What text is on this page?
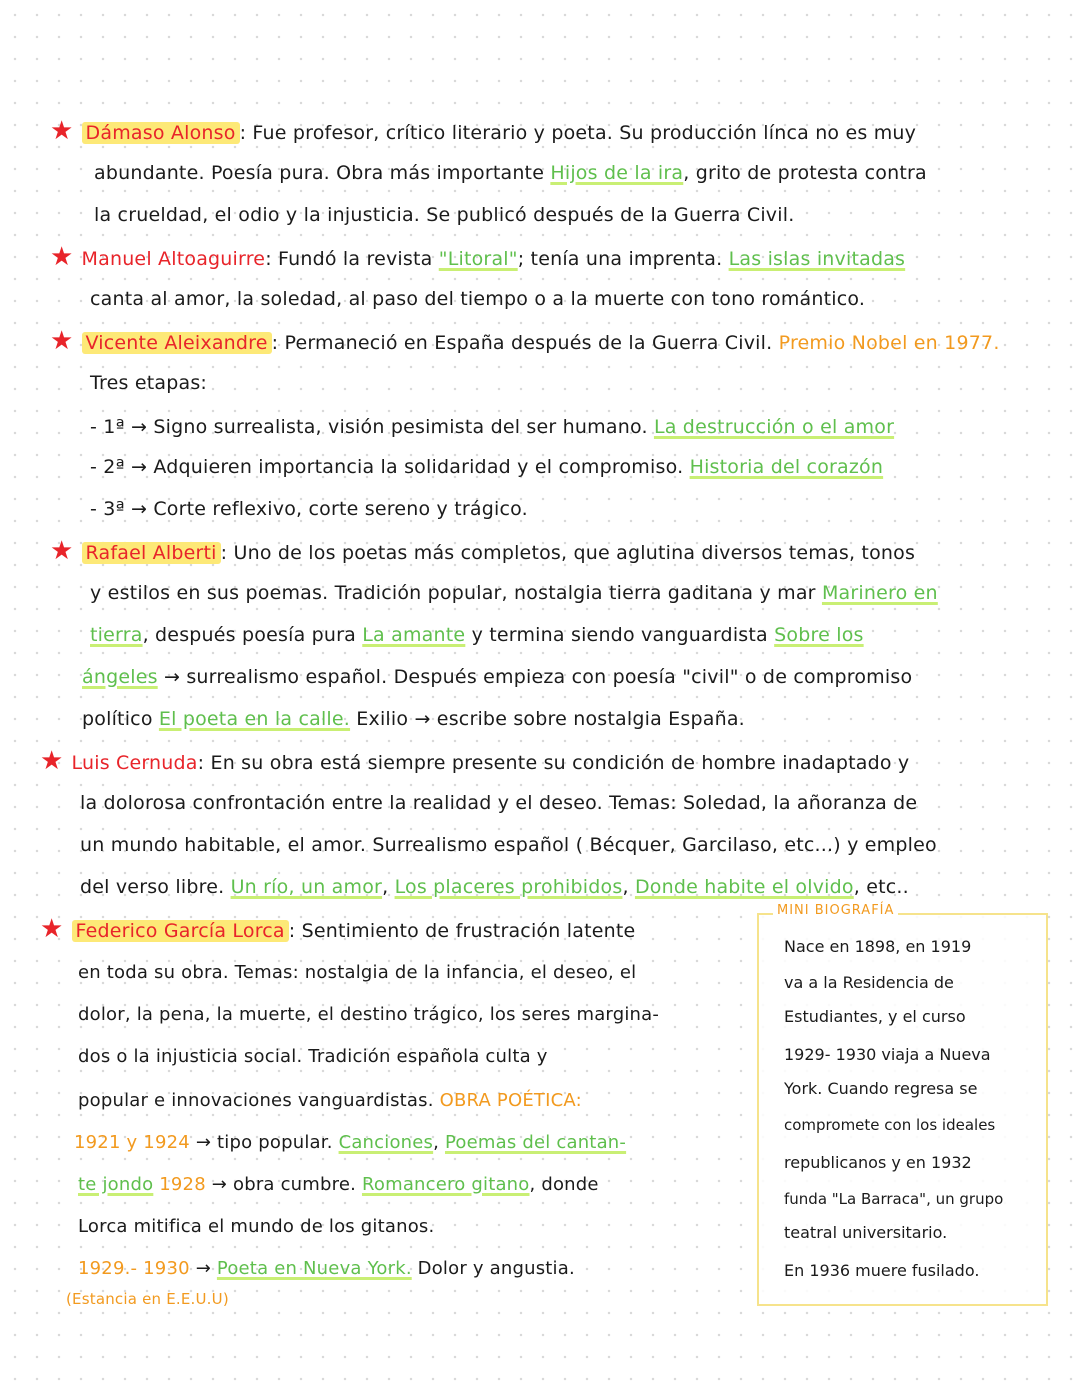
★ Dámaso Alonso : Fue profesor, crítico literario y poeta. Su producción línca no es muy
abundante. Poesía pura. Obra más importante Hijos de la ira, grito de protesta contra
la crueldad, el odio y la injusticia. Se publicó después de la Guerra Civil.
★ Manuel Altoaguirre: Fundó la revista "Litoral"; tenía una imprenta. Las islas invitadas
canta al amor, la soledad, al paso del tiempo o a la muerte con tono romántico.
★ Vicente Aleixandre : Permaneció en España después de la Guerra Civil. Premio Nobel en 1977.
Tres etapas:
- 1ª → Signo surrealista, visión pesimista del ser humano. La destrucción o el amor
- 2ª → Adquieren importancia la solidaridad y el compromiso. Historia del corazón
- 3ª → Corte reflexivo, corte sereno y trágico.
★ Rafael Alberti : Uno de los poetas más completos, que aglutina diversos temas, tonos
y estilos en sus poemas. Tradición popular, nostalgia tierra gaditana y mar Marinero en
tierra, después poesía pura La amante y termina siendo vanguardista Sobre los
ángeles → surrealismo español. Después empieza con poesía "civil" o de compromiso
político El poeta en la calle. Exilio → escribe sobre nostalgia España.
★ Luis Cernuda: En su obra está siempre presente su condición de hombre inadaptado y
la dolorosa confrontación entre la realidad y el deseo. Temas: Soledad, la añoranza de
un mundo habitable, el amor. Surrealismo español ( Bécquer, Garcilaso, etc...) y empleo
del verso libre. Un río, un amor, Los placeres prohibidos, Donde habite el olvido, etc..
★ Federico García Lorca : Sentimiento de frustración latente
en toda su obra. Temas: nostalgia de la infancia, el deseo, el
dolor, la pena, la muerte, el destino trágico, los seres margina-
dos o la injusticia social. Tradición española culta y
popular e innovaciones vanguardistas. OBRA POÉTICA:
1921 y 1924 → tipo popular. Canciones, Poemas del cantan-
te jondo 1928 → obra cumbre. Romancero gitano, donde
Lorca mitifica el mundo de los gitanos.
1929.- 1930 → Poeta en Nueva York. Dolor y angustia.
(Estancia en E.E.U.U)
MINI BIOGRAFÍA
Nace en 1898, en 1919
va a la Residencia de
Estudiantes, y el curso
1929- 1930 viaja a Nueva
York. Cuando regresa se
compromete con los ideales
republicanos y en 1932
funda "La Barraca", un grupo
teatral universitario.
En 1936 muere fusilado.
